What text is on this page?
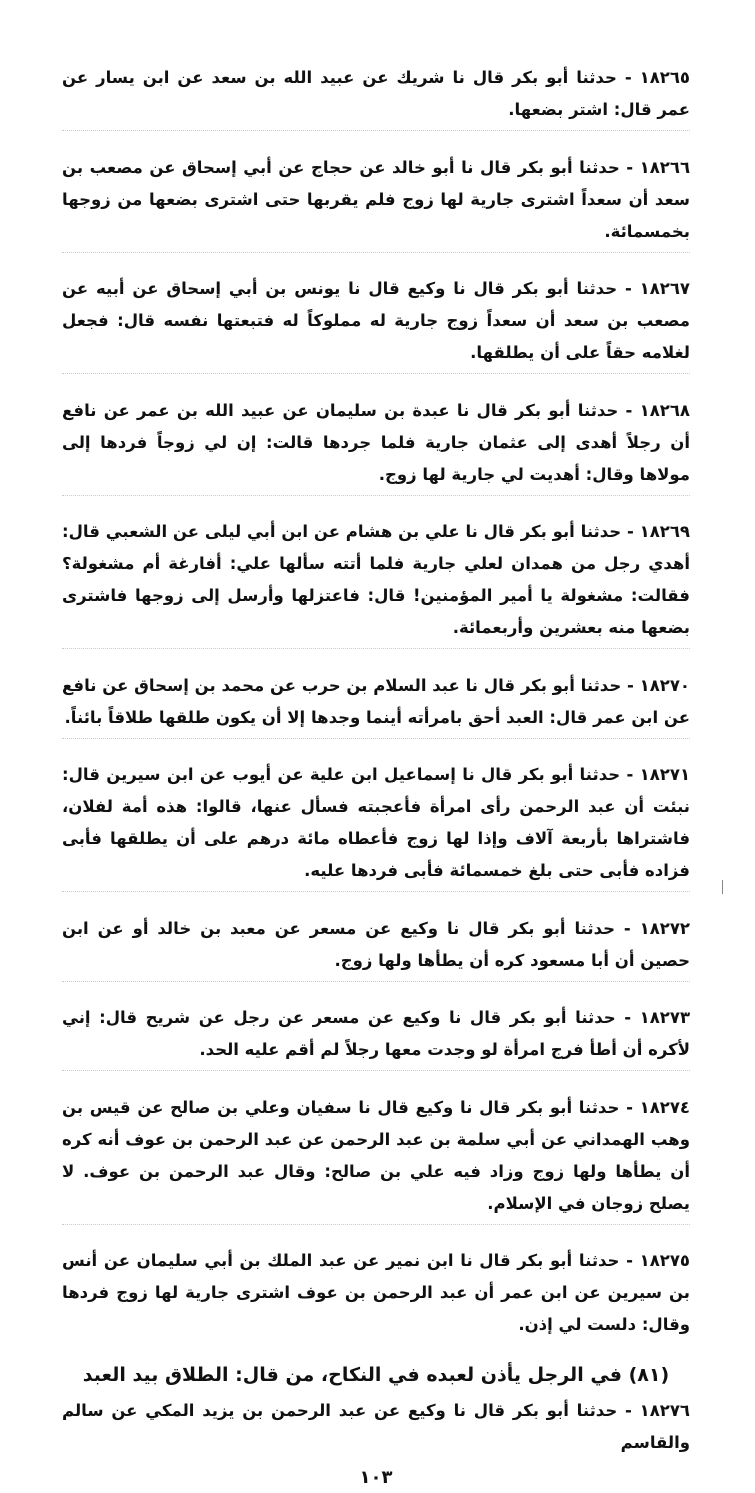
١٨٢٦٥ - حدثنا أبو بكر قال نا شريك عن عبيد الله بن سعد عن ابن يسار عن عمر قال: اشتر بضعها.

١٨٢٦٦ - حدثنا أبو بكر قال نا أبو خالد عن حجاج عن أبي إسحاق عن مصعب بن سعد أن سعداً اشترى جارية لها زوج فلم يقربها حتى اشترى بضعها من زوجها بخمسمائة.

١٨٢٦٧ - حدثنا أبو بكر قال نا وكيع قال نا يونس بن أبي إسحاق عن أبيه عن مصعب بن سعد أن سعداً زوج جارية له مملوكاً له فتبعتها نفسه قال: فجعل لغلامه حقاً على أن يطلقها.

١٨٢٦٨ - حدثنا أبو بكر قال نا عبدة بن سليمان عن عبيد الله بن عمر عن نافع أن رجلاً أهدى إلى عثمان جارية فلما جردها قالت: إن لي زوجاً فردها إلى مولاها وقال: أهديت لي جارية لها زوج.

١٨٢٦٩ - حدثنا أبو بكر قال نا علي بن هشام عن ابن أبي ليلى عن الشعبي قال: أهدي رجل من همدان لعلي جارية فلما أتته سألها علي: أفارغة أم مشغولة؟ فقالت: مشغولة يا أمير المؤمنين! قال: فاعتزلها وأرسل إلى زوجها فاشترى بضعها منه بعشرين وأربعمائة.

١٨٢٧٠ - حدثنا أبو بكر قال نا عبد السلام بن حرب عن محمد بن إسحاق عن نافع عن ابن عمر قال: العبد أحق بامرأته أينما وجدها إلا أن يكون طلقها طلاقاً بائناً.

١٨٢٧١ - حدثنا أبو بكر قال نا إسماعيل ابن علية عن أيوب عن ابن سيرين قال: نبئت أن عبد الرحمن رأى امرأة فأعجبته فسأل عنها، قالوا: هذه أمة لفلان، فاشتراها بأربعة آلاف وإذا لها زوج فأعطاه مائة درهم على أن يطلقها فأبى فزاده فأبى حتى بلغ خمسمائة فأبى فردها عليه.

١٨٢٧٢ - حدثنا أبو بكر قال نا وكيع عن مسعر عن معبد بن خالد أو عن ابن حصين أن أبا مسعود كره أن يطأها ولها زوج.

١٨٢٧٣ - حدثنا أبو بكر قال نا وكيع عن مسعر عن رجل عن شريح قال: إني لأكره أن أطأ فرج امرأة لو وجدت معها رجلاً لم أقم عليه الحد.

١٨٢٧٤ - حدثنا أبو بكر قال نا وكيع قال نا سفيان وعلي بن صالح عن قيس بن وهب الهمداني عن أبي سلمة بن عبد الرحمن عن عبد الرحمن بن عوف أنه كره أن يطأها ولها زوج وزاد فيه علي بن صالح: وقال عبد الرحمن بن عوف. لا يصلح زوجان في الإسلام.

١٨٢٧٥ - حدثنا أبو بكر قال نا ابن نمير عن عبد الملك بن أبي سليمان عن أنس بن سيرين عن ابن عمر أن عبد الرحمن بن عوف اشترى جارية لها زوج فردها وقال: دلست لي إذن.

(٨١) في الرجل يأذن لعبده في النكاح، من قال: الطلاق بيد العبد

١٨٢٧٦ - حدثنا أبو بكر قال نا وكيع عن عبد الرحمن بن يزيد المكي عن سالم والقاسم

١٠٣
